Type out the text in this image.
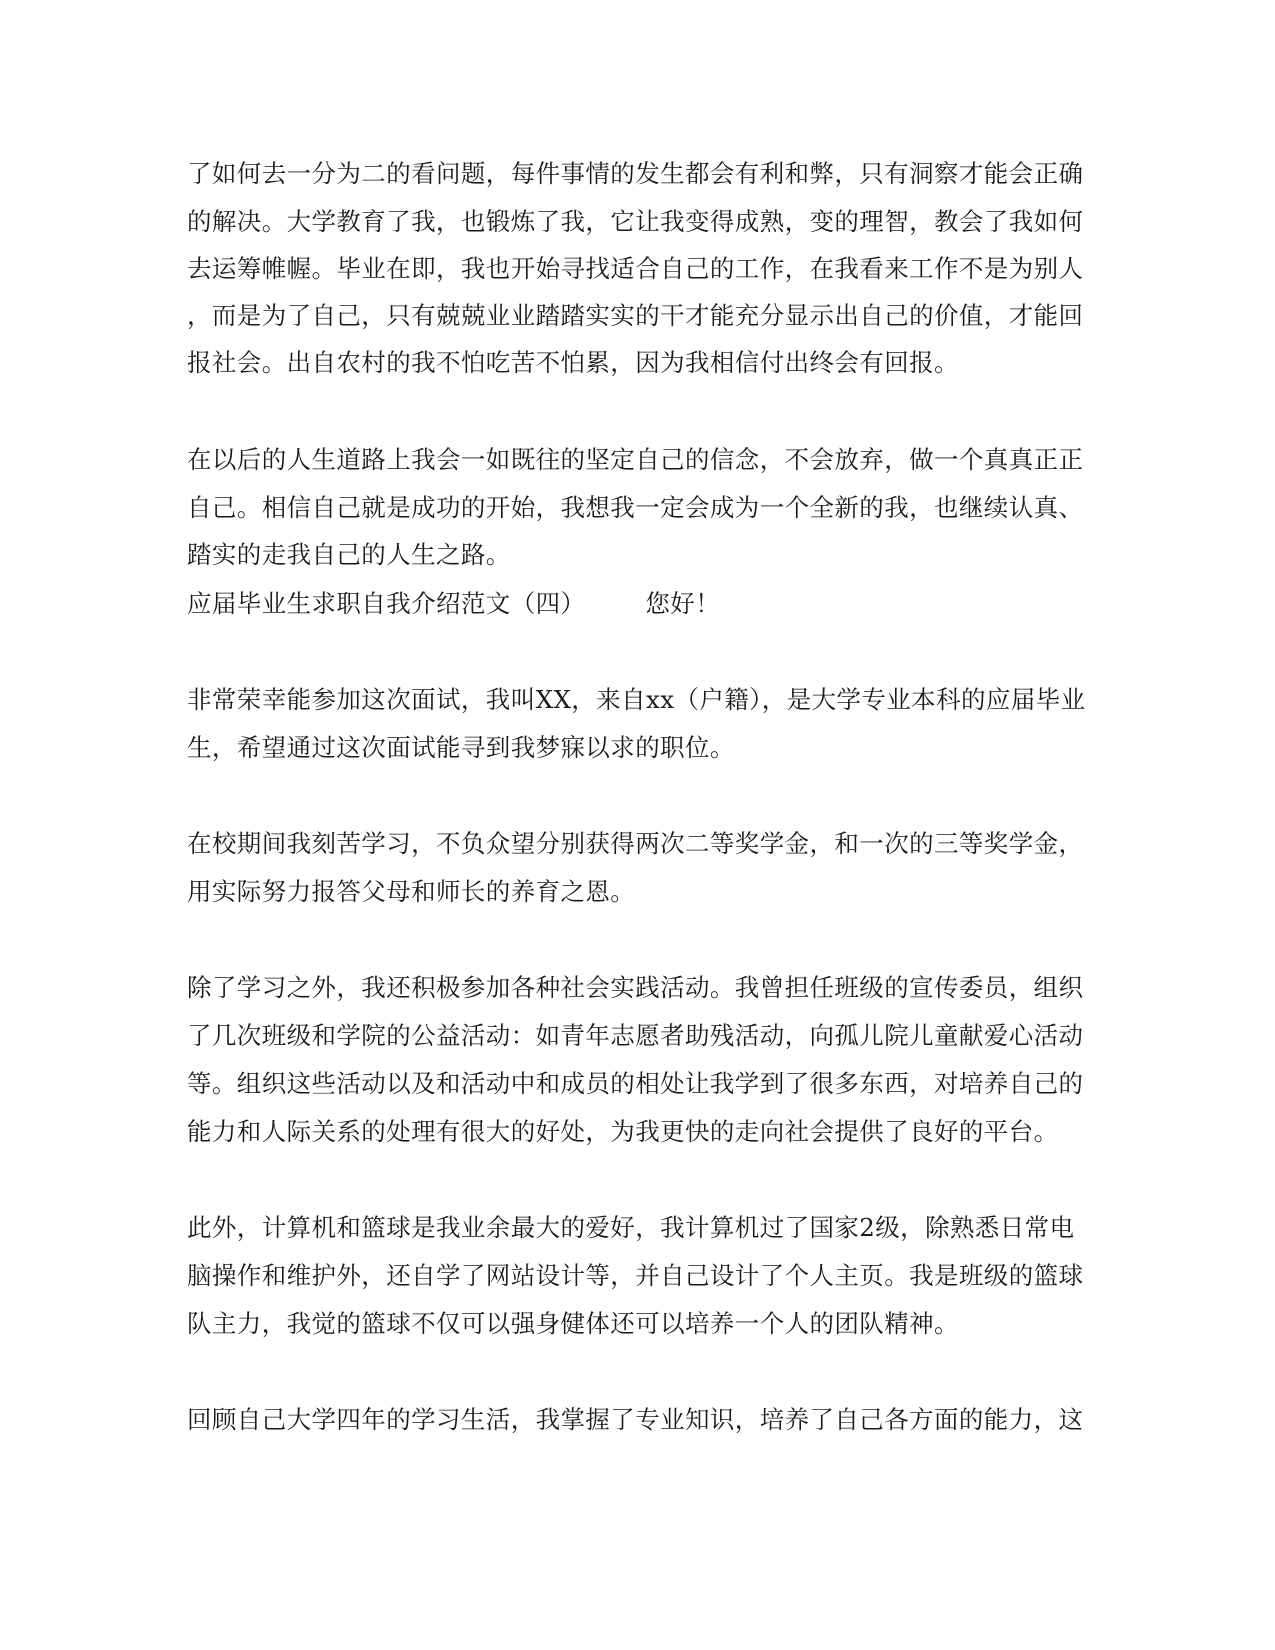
了如何去一分为二的看问题，每件事情的发生都会有利和弊，只有洞察才能会正确
的解决。大学教育了我，也锻炼了我，它让我变得成熟，变的理智，教会了我如何
去运筹帷幄。毕业在即，我也开始寻找适合自己的工作，在我看来工作不是为别人
，而是为了自己，只有兢兢业业踏踏实实的干才能充分显示出自己的价值，才能回
报社会。出自农村的我不怕吃苦不怕累，因为我相信付出终会有回报。
在以后的人生道路上我会一如既往的坚定自己的信念，不会放弃，做一个真真正正
自己。相信自己就是成功的开始，我想我一定会成为一个全新的我，也继续认真、
踏实的走我自己的人生之路。
应届毕业生求职自我介绍范文（四） 您好！
非常荣幸能参加这次面试，我叫XX，来自xx（户籍），是大学专业本科的应届毕业
生，希望通过这次面试能寻到我梦寐以求的职位。
在校期间我刻苦学习，不负众望分别获得两次二等奖学金，和一次的三等奖学金，
用实际努力报答父母和师长的养育之恩。
除了学习之外，我还积极参加各种社会实践活动。我曾担任班级的宣传委员，组织
了几次班级和学院的公益活动：如青年志愿者助残活动，向孤儿院儿童献爱心活动
等。组织这些活动以及和活动中和成员的相处让我学到了很多东西，对培养自己的
能力和人际关系的处理有很大的好处，为我更快的走向社会提供了良好的平台。
此外，计算机和篮球是我业余最大的爱好，我计算机过了国家2级，除熟悉日常电
脑操作和维护外，还自学了网站设计等，并自己设计了个人主页。我是班级的篮球
队主力，我觉的篮球不仅可以强身健体还可以培养一个人的团队精神。
回顾自己大学四年的学习生活，我掌握了专业知识，培养了自己各方面的能力，这
